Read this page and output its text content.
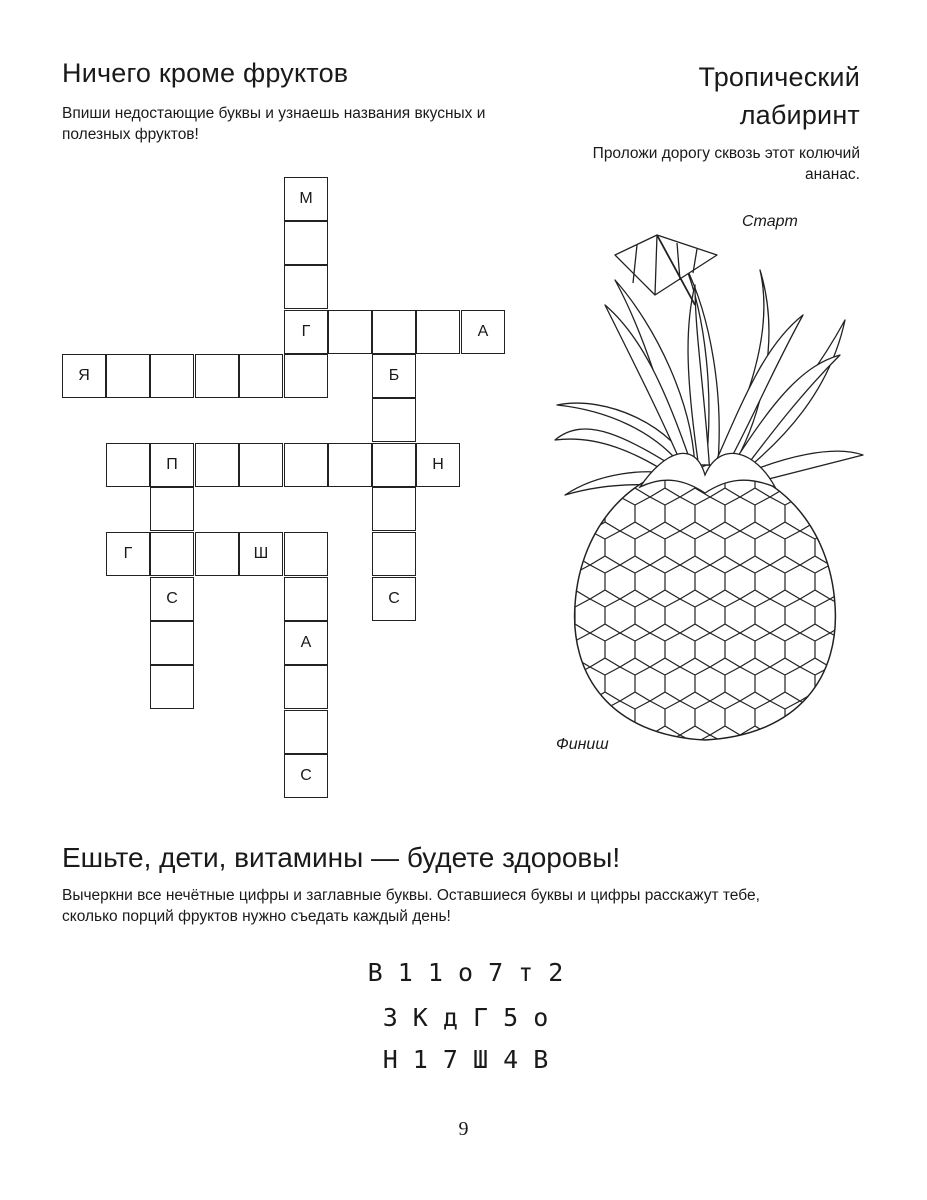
Ничего кроме фруктов
Впиши недостающие буквы и узнаешь названия вкусных и полезных фруктов!
М
Г	А
Я	Б
П	Н
Г	Ш
С	С
А
С
Тропический лабиринт
Проложи дорогу сквозь этот колючий ананас.
Старт
Финиш
Ешьте, дети, витамины — будете здоровы!
Вычеркни все нечётные цифры и заглавные буквы. Оставшиеся буквы и цифры расскажут тебе, сколько порций фруктов нужно съедать каждый день!
В 1 1 о 7 т 2
3 К д Г 5 о
Н 1 7 Ш 4 В
9
